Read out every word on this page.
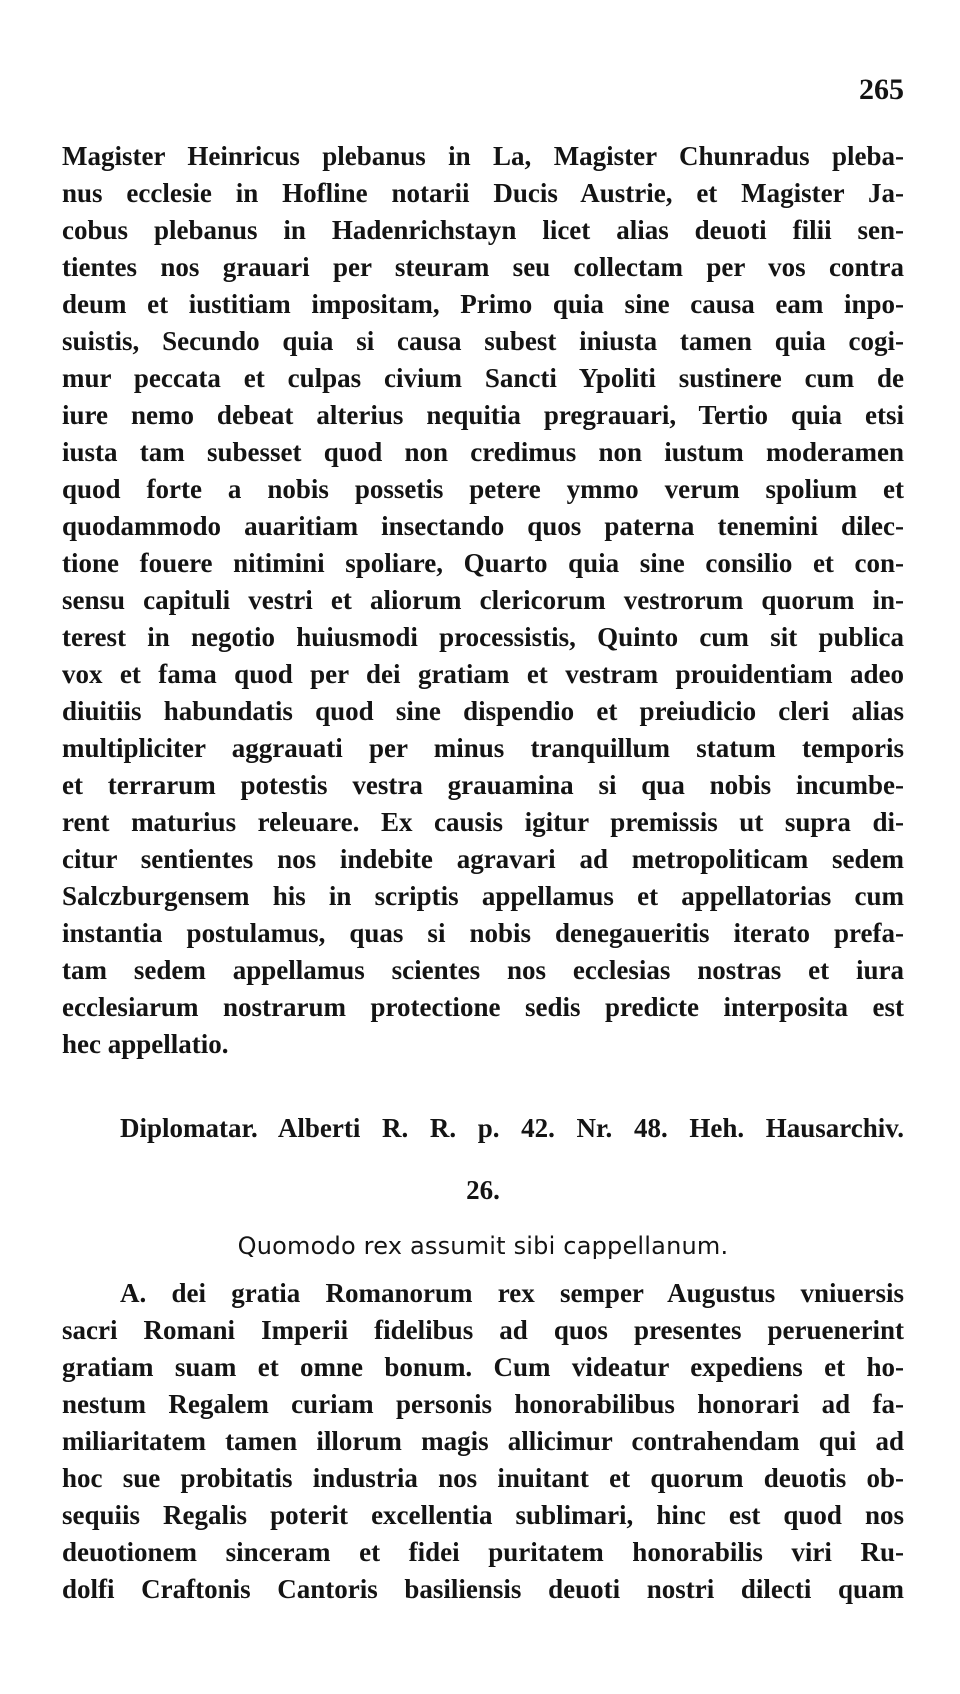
265
Magister Heinricus plebanus in La, Magister Chunradus pleba-
nus ecclesie in Hofline notarii Ducis Austrie, et Magister Ja-
cobus plebanus in Hadenrichstayn licet alias deuoti filii sen-
tientes nos grauari per steuram seu collectam per vos contra
deum et iustitiam impositam, Primo quia sine causa eam inpo-
suistis, Secundo quia si causa subest iniusta tamen quia cogi-
mur peccata et culpas civium Sancti Ypoliti sustinere cum de
iure nemo debeat alterius nequitia pregrauari, Tertio quia etsi
iusta tam subesset quod non credimus non iustum moderamen
quod forte a nobis possetis petere ymmo verum spolium et
quodammodo auaritiam insectando quos paterna tenemini dilec-
tione fouere nitimini spoliare, Quarto quia sine consilio et con-
sensu capituli vestri et aliorum clericorum vestrorum quorum in-
terest in negotio huiusmodi processistis, Quinto cum sit publica
vox et fama quod per dei gratiam et vestram prouidentiam adeo
diuitiis habundatis quod sine dispendio et preiudicio cleri alias
multipliciter aggrauati per minus tranquillum statum temporis
et terrarum potestis vestra grauamina si qua nobis incumbe-
rent maturius releuare. Ex causis igitur premissis ut supra di-
citur sentientes nos indebite agravari ad metropoliticam sedem
Salczburgensem his in scriptis appellamus et appellatorias cum
instantia postulamus, quas si nobis denegaueritis iterato prefa-
tam sedem appellamus scientes nos ecclesias nostras et iura
ecclesiarum nostrarum protectione sedis predicte interposita est
hec appellatio.
Diplomatar. Alberti R. R. p. 42. Nr. 48. Heh. Hausarchiv.
26.
Quomodo rex assumit sibi cappellanum.
A. dei gratia Romanorum rex semper Augustus vniuersis
sacri Romani Imperii fidelibus ad quos presentes peruenerint
gratiam suam et omne bonum. Cum videatur expediens et ho-
nestum Regalem curiam personis honorabilibus honorari ad fa-
miliaritatem tamen illorum magis allicimur contrahendam qui ad
hoc sue probitatis industria nos inuitant et quorum deuotis ob-
sequiis Regalis poterit excellentia sublimari, hinc est quod nos
deuotionem sinceram et fidei puritatem honorabilis viri Ru-
dolfi Craftonis Cantoris basiliensis deuoti nostri dilecti quam
